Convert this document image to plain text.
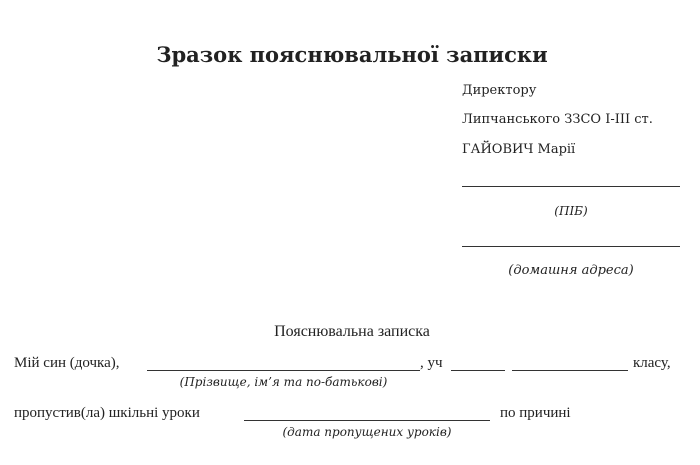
Зразок пояснювальної записки
Директору
Липчанського ЗЗСО І-ІІІ ст.
ГАЙОВИЧ Марії
(ПІБ)
(домашня адреса)
Пояснювальна записка
Мій син (дочка),	, уч	класу,
(Прізвище, ім’я та по-батькові)
пропустив(ла) шкільні уроки	по причині
(дата пропущених уроків)
